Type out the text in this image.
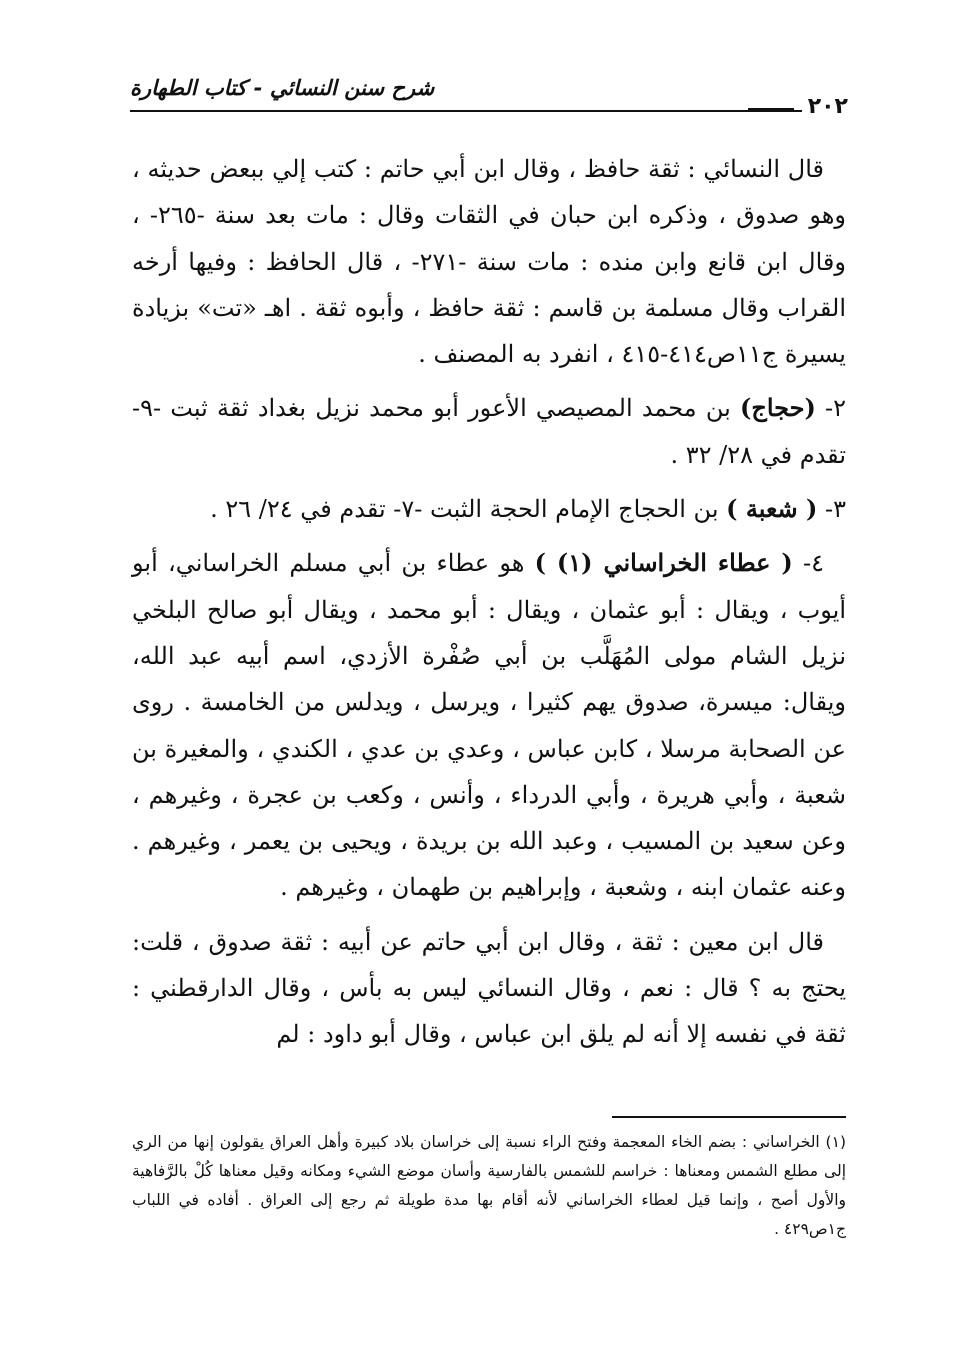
شرح سنن النسائي - كتاب الطهارة
٢٠٢

قال النسائي : ثقة حافظ ، وقال ابن أبي حاتم : كتب إلي ببعض حديثه ، وهو صدوق ، وذكره ابن حبان في الثقات وقال : مات بعد سنة -٢٦٥- ، وقال ابن قانع وابن منده : مات سنة -٢٧١- ، قال الحافظ : وفيها أرخه القراب وقال مسلمة بن قاسم : ثقة حافظ ، وأبوه ثقة . اهـ «تت» بزيادة يسيرة ج١١ص٤١٤-٤١٥ ، انفرد به المصنف .

٢- (حجاج) بن محمد المصيصي الأعور أبو محمد نزيل بغداد ثقة ثبت -٩- تقدم في ٢٨/ ٣٢ .

٣- ( شعبة ) بن الحجاج الإمام الحجة الثبت -٧- تقدم في ٢٤/ ٢٦ .

٤- ( عطاء الخراساني (١) ) هو عطاء بن أبي مسلم الخراساني، أبو أيوب ، ويقال : أبو عثمان ، ويقال : أبو محمد ، ويقال أبو صالح البلخي نزيل الشام مولى المُهَلَّب بن أبي صُفْرة الأزدي، اسم أبيه عبد الله، ويقال: ميسرة، صدوق يهم كثيرا ، ويرسل ، ويدلس من الخامسة . روى عن الصحابة مرسلا ، كابن عباس ، وعدي بن عدي ، الكندي ، والمغيرة بن شعبة ، وأبي هريرة ، وأبي الدرداء ، وأنس ، وكعب بن عجرة ، وغيرهم ، وعن سعيد بن المسيب ، وعبد الله بن بريدة ، ويحيى بن يعمر ، وغيرهم . وعنه عثمان ابنه ، وشعبة ، وإبراهيم بن طهمان ، وغيرهم .

قال ابن معين : ثقة ، وقال ابن أبي حاتم عن أبيه : ثقة صدوق ، قلت: يحتج به ؟ قال : نعم ، وقال النسائي ليس به بأس ، وقال الدارقطني : ثقة في نفسه إلا أنه لم يلق ابن عباس ، وقال أبو داود : لم

(١) الخراساني : بضم الخاء المعجمة وفتح الراء نسبة إلى خراسان بلاد كبيرة وأهل العراق يقولون إنها من الري إلى مطلع الشمس ومعناها : خراسم للشمس بالفارسية وأسان موضع الشيء ومكانه وقيل معناها كُلْ بالرَّفاهية والأول أصح ، وإنما قيل لعطاء الخراساني لأنه أقام بها مدة طويلة ثم رجع إلى العراق . أفاده في اللباب ج١ص٤٢٩ .
